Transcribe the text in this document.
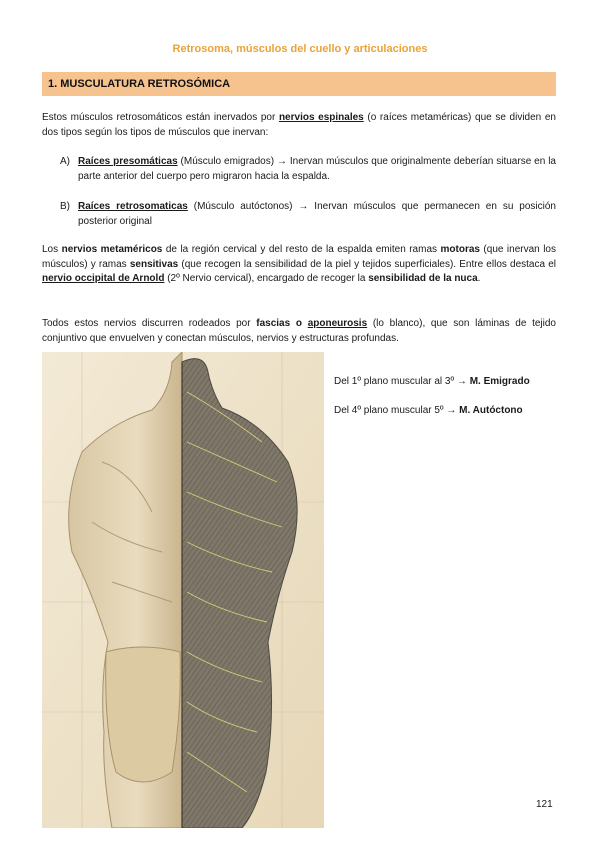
Retrosoma, músculos del cuello y articulaciones
1. MUSCULATURA RETROSÓMICA

Estos músculos retrosomáticos están inervados por nervios espinales (o raíces metaméricas) que se dividen en dos tipos según los tipos de músculos que inervan:

A) Raíces presomáticas (Músculo emigrados) → Inervan músculos que originalmente deberían situarse en la parte anterior del cuerpo pero migraron hacia la espalda.
B) Raíces retrosomaticas (Músculo autóctonos) → Inervan músculos que permanecen en su posición posterior original

Los nervios metaméricos de la región cervical y del resto de la espalda emiten ramas motoras (que inervan los músculos) y ramas sensitivas (que recogen la sensibilidad de la piel y tejidos superficiales). Entre ellos destaca el nervio occipital de Arnold (2º Nervio cervical), encargado de recoger la sensibilidad de la nuca.

Todos estos nervios discurren rodeados por fascias o aponeurosis (lo blanco), que son láminas de tejido conjuntivo que envuelven y conectan músculos, nervios y estructuras profundas.

Del 1º plano muscular al 3º → M. Emigrado
Del 4º plano muscular 5º → M. Autóctono
121
